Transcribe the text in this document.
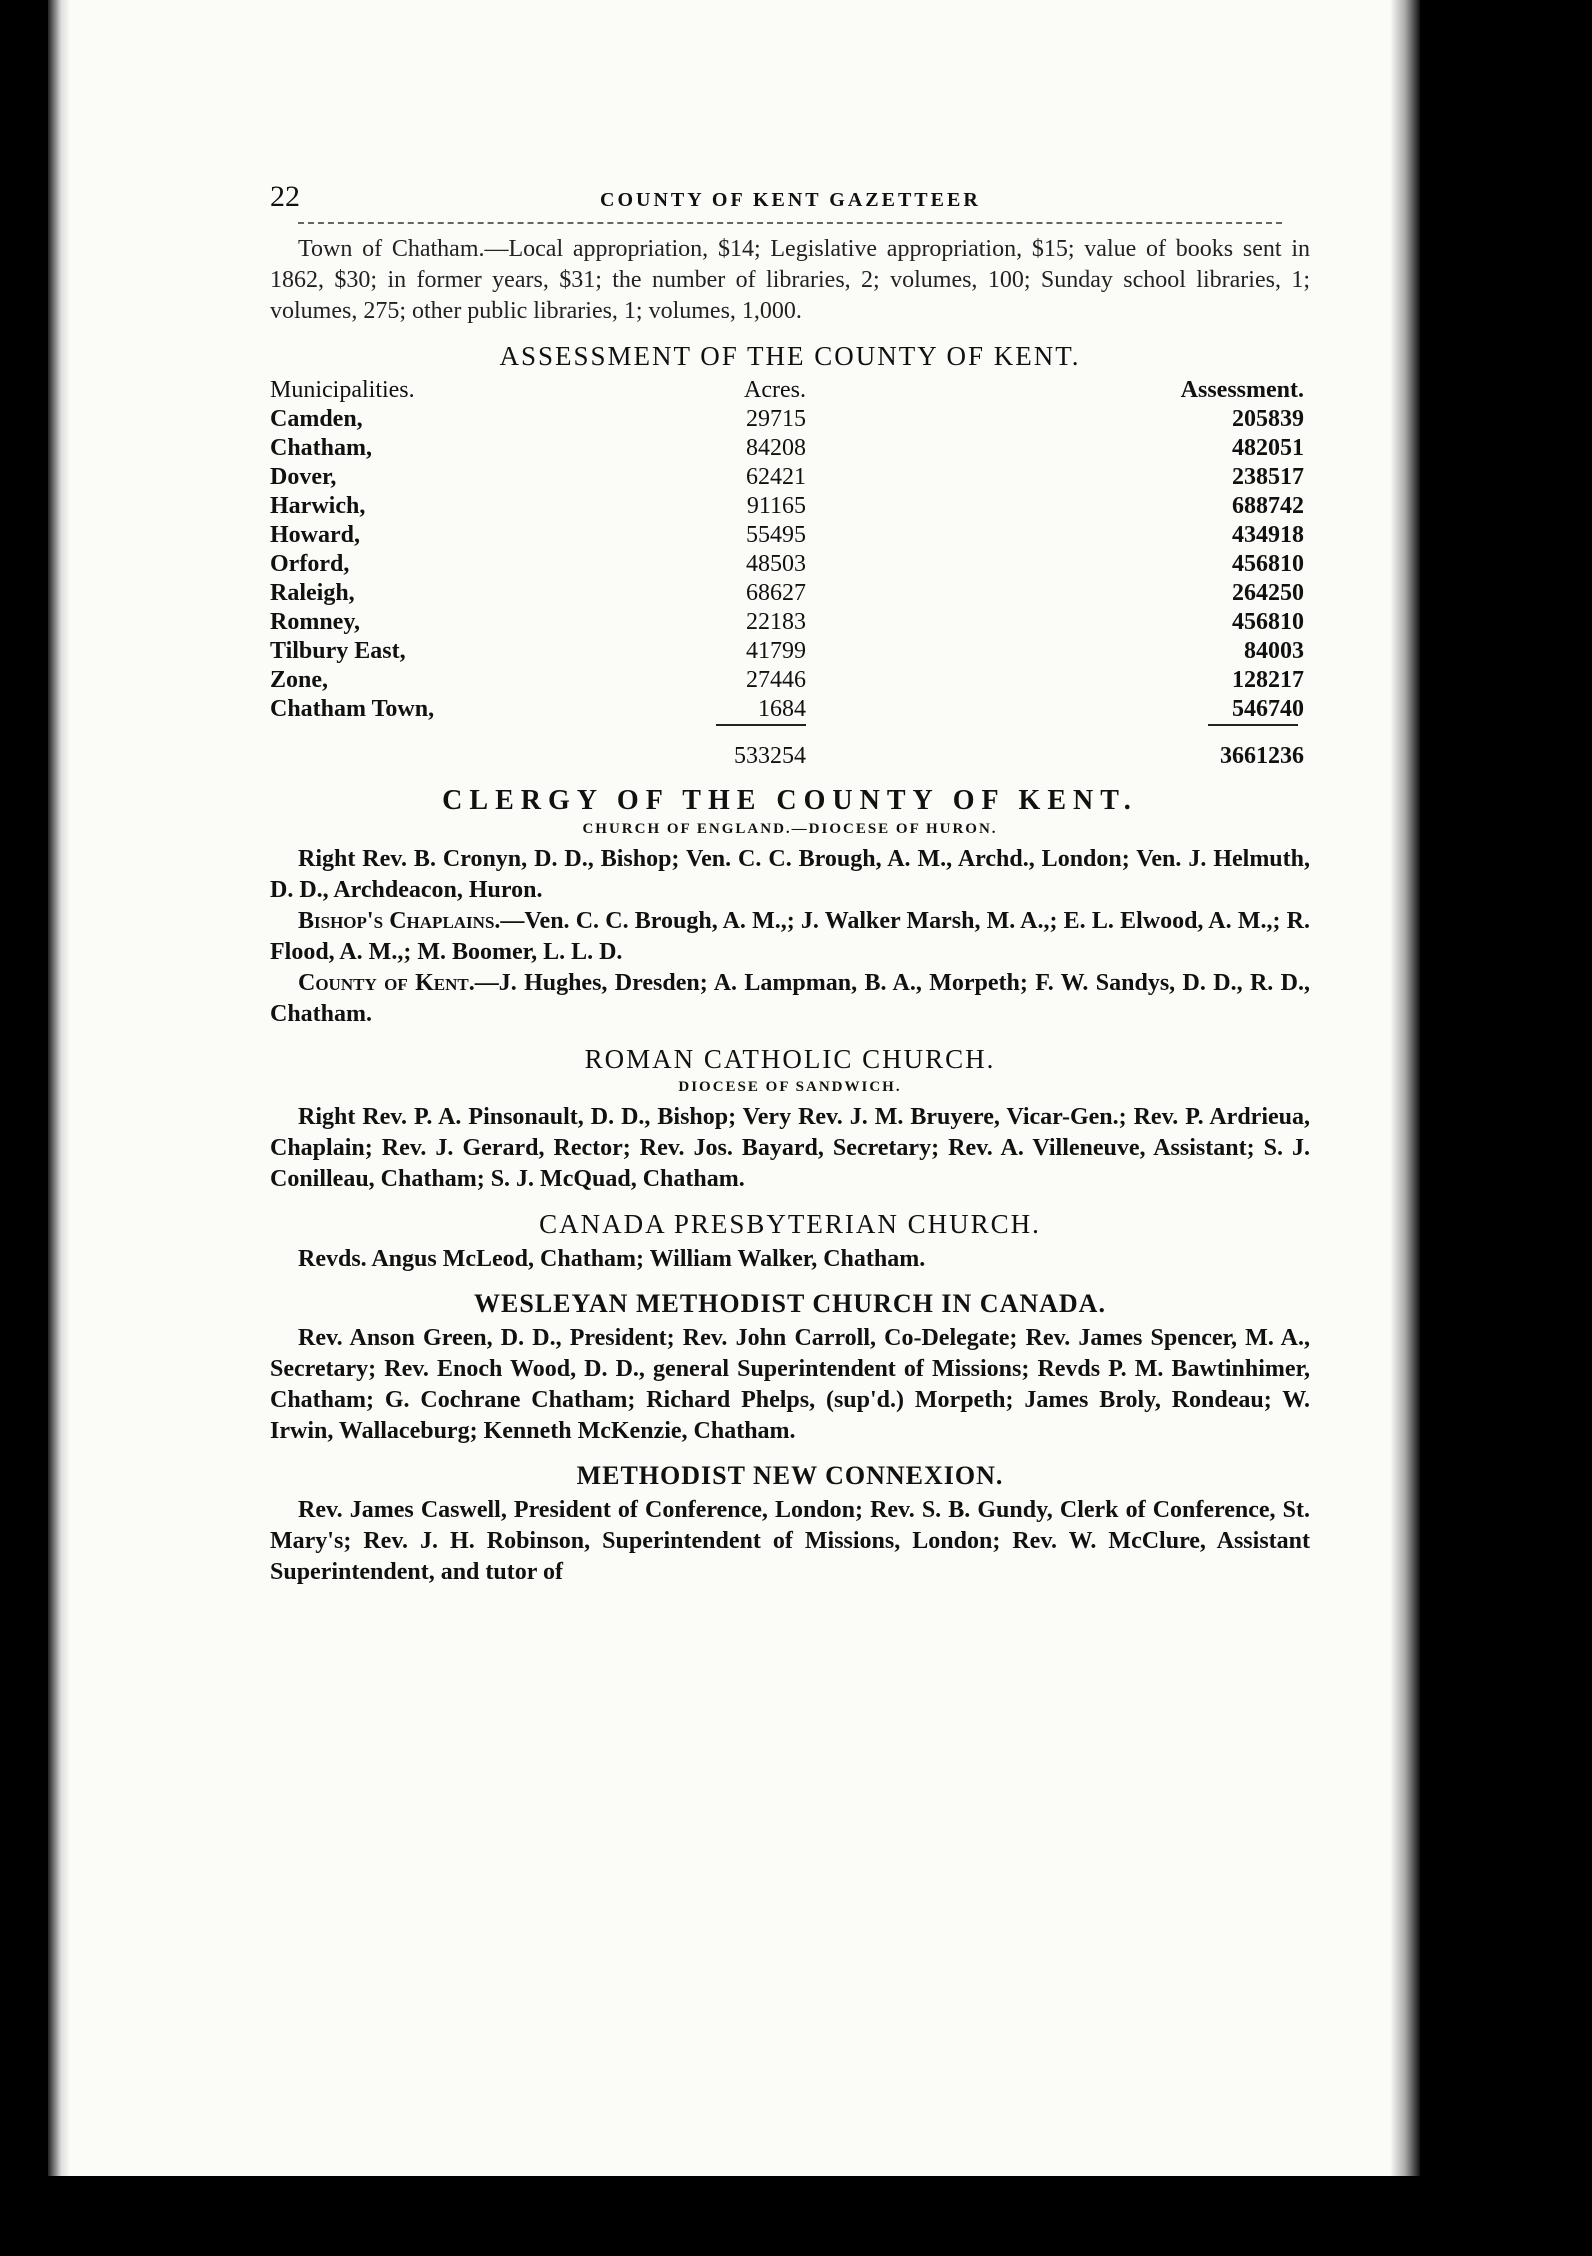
22	COUNTY OF KENT GAZETTEER

Town of Chatham.—Local appropriation, $14; Legislative appropriation, $15; value of books sent in 1862, $30; in former years, $31; the number of libraries, 2; volumes, 100; Sunday school libraries, 1; volumes, 275; other public libraries, 1; volumes, 1,000.

ASSESSMENT OF THE COUNTY OF KENT.
Municipalities.	Acres.	Assessment.
Camden,	29715	205839
Chatham,	84208	482051
Dover,	62421	238517
Harwich,	91165	688742
Howard,	55495	434918
Orford,	48503	456810
Raleigh,	68627	264250
Romney,	22183	456810
Tilbury East,	41799	84003
Zone,	27446	128217
Chatham Town,	1684	546740

	533254	3661236
CLERGY OF THE COUNTY OF KENT.
CHURCH OF ENGLAND.—DIOCESE OF HURON.

Right Rev. B. Cronyn, D. D., Bishop; Ven. C. C. Brough, A. M., Archd., London; Ven. J. Helmuth, D. D., Archdeacon, Huron.

Bishop's Chaplains.—Ven. C. C. Brough, A. M.,; J. Walker Marsh, M. A.,; E. L. Elwood, A. M.,; R. Flood, A. M.,; M. Boomer, L. L. D.

County of Kent.—J. Hughes, Dresden; A. Lampman, B. A., Morpeth; F. W. Sandys, D. D., R. D., Chatham.

ROMAN CATHOLIC CHURCH.
DIOCESE OF SANDWICH.

Right Rev. P. A. Pinsonault, D. D., Bishop; Very Rev. J. M. Bruyere, Vicar-Gen.; Rev. P. Ardrieua, Chaplain; Rev. J. Gerard, Rector; Rev. Jos. Bayard, Secretary; Rev. A. Villeneuve, Assistant; S. J. Conilleau, Chatham; S. J. McQuad, Chatham.

CANADA PRESBYTERIAN CHURCH.

Revds. Angus McLeod, Chatham; William Walker, Chatham.

WESLEYAN METHODIST CHURCH IN CANADA.

Rev. Anson Green, D. D., President; Rev. John Carroll, Co-Delegate; Rev. James Spencer, M. A., Secretary; Rev. Enoch Wood, D. D., general Superintendent of Missions; Revds P. M. Bawtinhimer, Chatham; G. Cochrane Chatham; Richard Phelps, (sup'd.) Morpeth; James Broly, Rondeau; W. Irwin, Wallaceburg; Kenneth McKenzie, Chatham.

METHODIST NEW CONNEXION.

Rev. James Caswell, President of Conference, London; Rev. S. B. Gundy, Clerk of Conference, St. Mary's; Rev. J. H. Robinson, Superintendent of Missions, London; Rev. W. McClure, Assistant Superintendent, and tutor of
